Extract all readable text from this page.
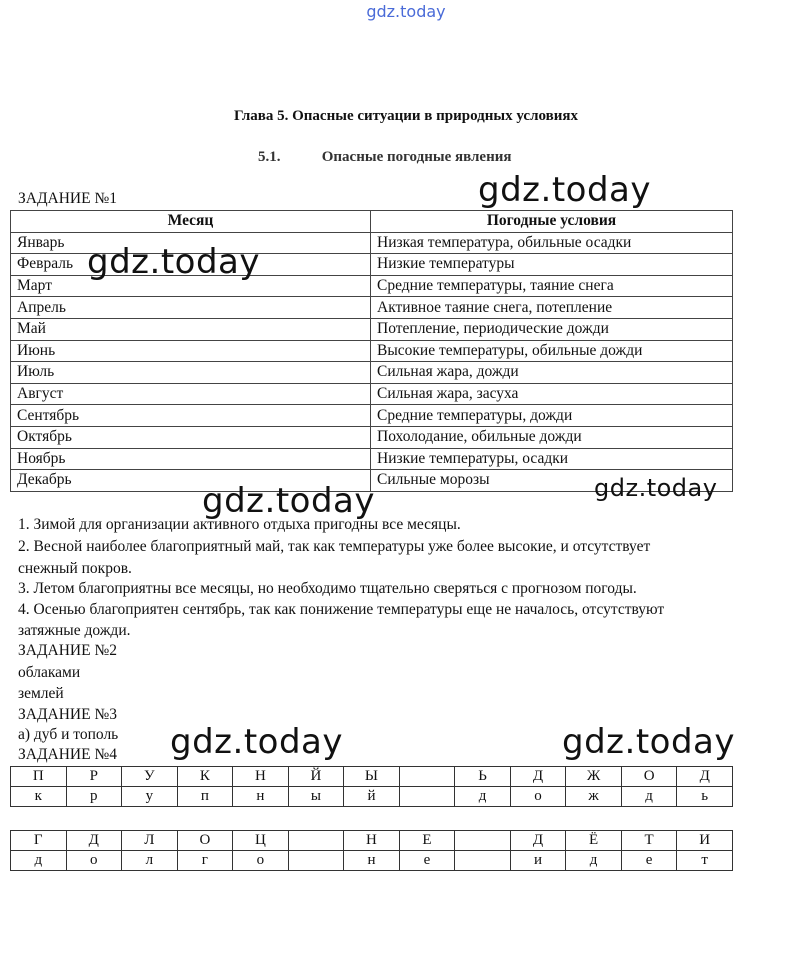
gdz.today
Глава 5. Опасные ситуации в природных условиях
5.1.	Опасные погодные явления
ЗАДАНИЕ №1
Месяц	Погодные условия
Январь	Низкая температура, обильные осадки
Февраль	Низкие температуры
Март	Средние температуры, таяние снега
Апрель	Активное таяние снега, потепление
Май	Потепление, периодические дожди
Июнь	Высокие температуры, обильные дожди
Июль	Сильная жара, дожди
Август	Сильная жара, засуха
Сентябрь	Средние температуры, дожди
Октябрь	Похолодание, обильные дожди
Ноябрь	Низкие температуры, осадки
Декабрь	Сильные морозы
1. Зимой для организации активного отдыха пригодны все месяцы.
2. Весной наиболее благоприятный май, так как температуры уже более высокие, и отсутствует
снежный покров.
3. Летом благоприятны все месяцы, но необходимо тщательно сверяться с прогнозом погоды.
4. Осенью благоприятен сентябрь, так как понижение температуры еще не началось, отсутствуют
затяжные дожди.
ЗАДАНИЕ №2
облаками
землей
ЗАДАНИЕ №3
а) дуб и тополь
ЗАДАНИЕ №4
П	Р	У	К	Н	Й	Ы		Ь	Д	Ж	О	Д
к	р	у	п	н	ы	й		д	о	ж	д	ь
Г	Д	Л	О	Ц		Н	Е		Д	Ё	Т	И
д	о	л	г	о		н	е		и	д	е	т
gdz.today
gdz.today
gdz.today	gdz.today
gdz.today	gdz.today
